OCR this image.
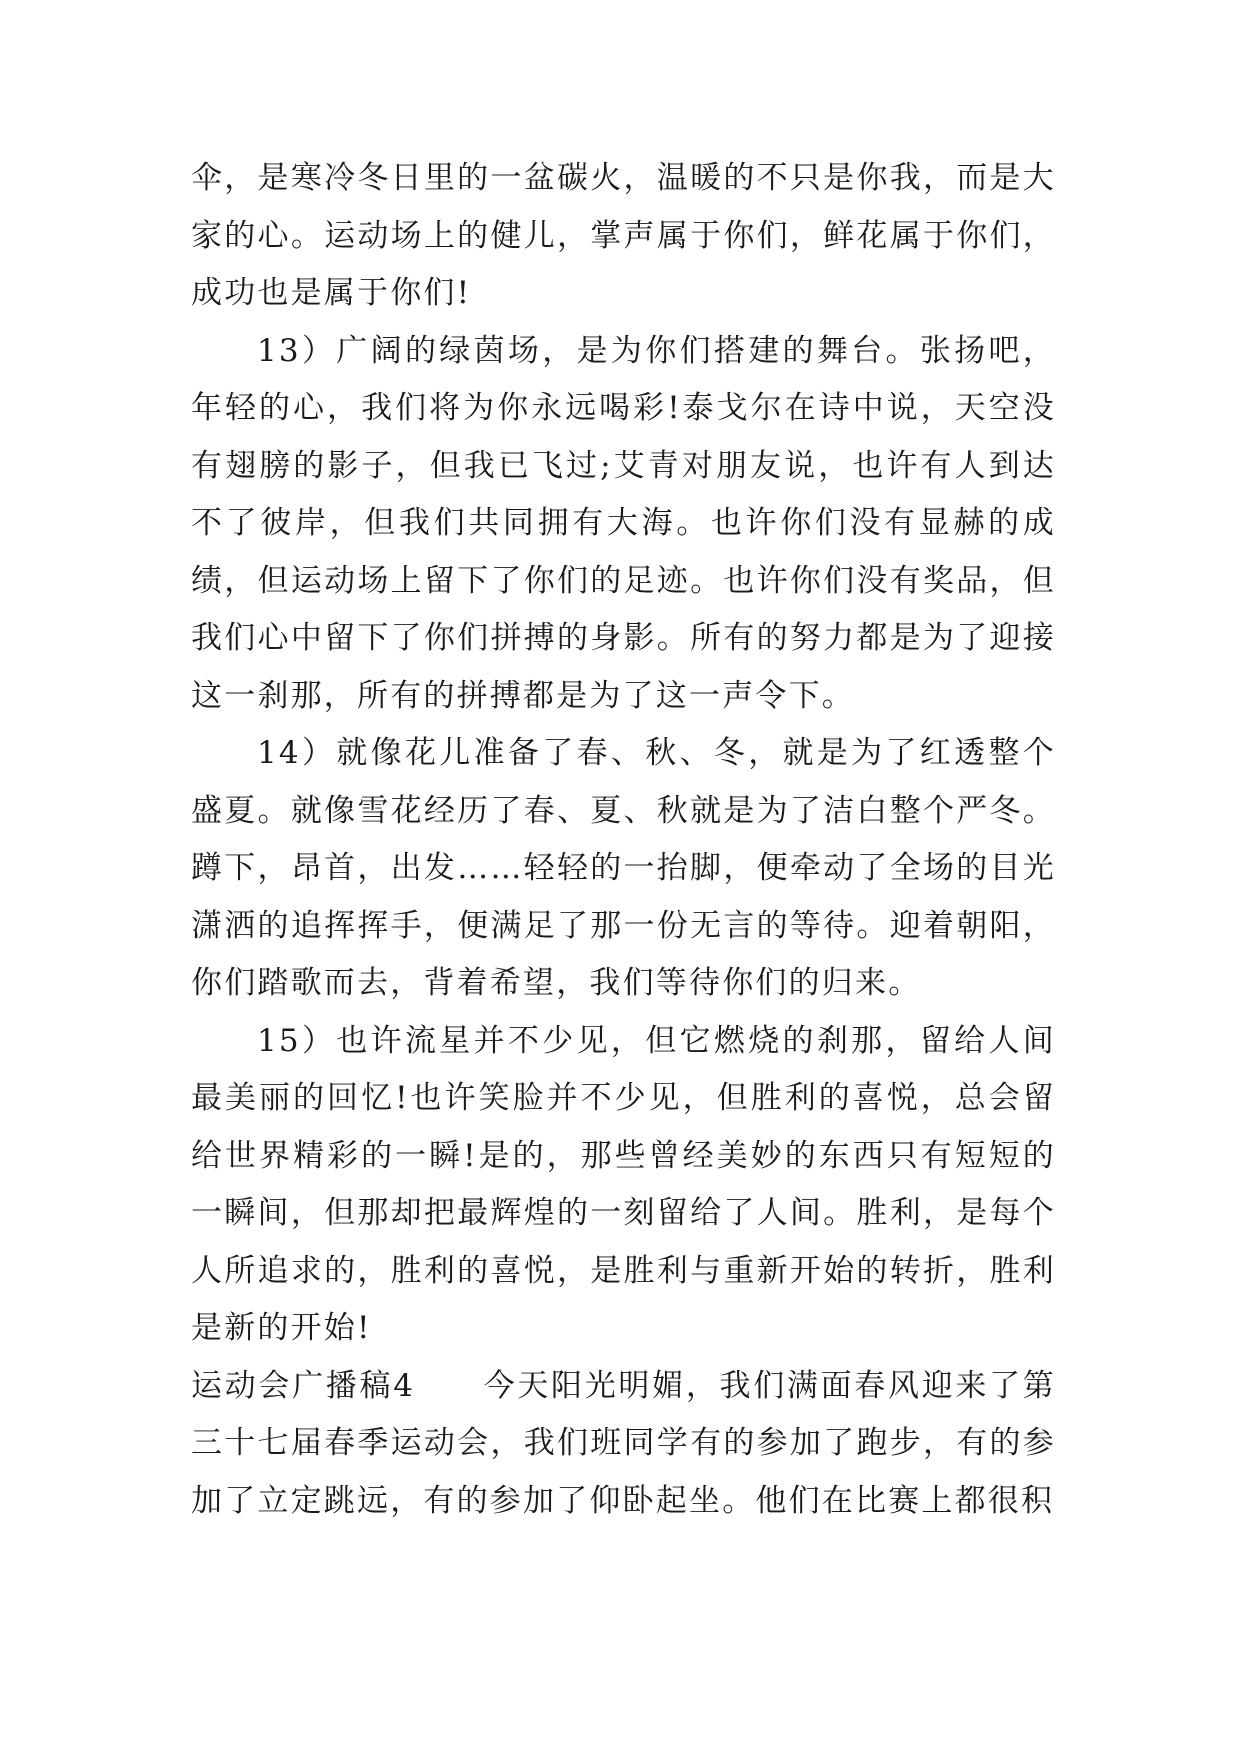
伞，是寒冷冬日里的一盆碳火，温暖的不只是你我，而是大家的心。运动场上的健儿，掌声属于你们，鲜花属于你们，成功也是属于你们!

13）广阔的绿茵场，是为你们搭建的舞台。张扬吧，年轻的心，我们将为你永远喝彩!泰戈尔在诗中说，天空没有翅膀的影子，但我已飞过;艾青对朋友说，也许有人到达不了彼岸，但我们共同拥有大海。也许你们没有显赫的成绩，但运动场上留下了你们的足迹。也许你们没有奖品，但我们心中留下了你们拼搏的身影。所有的努力都是为了迎接这一刹那，所有的拼搏都是为了这一声令下。

14）就像花儿准备了春、秋、冬，就是为了红透整个盛夏。就像雪花经历了春、夏、秋就是为了洁白整个严冬。蹲下，昂首，出发……轻轻的一抬脚，便牵动了全场的目光潇洒的追挥挥手，便满足了那一份无言的等待。迎着朝阳，你们踏歌而去，背着希望，我们等待你们的归来。

15）也许流星并不少见，但它燃烧的刹那，留给人间最美丽的回忆!也许笑脸并不少见，但胜利的喜悦，总会留给世界精彩的一瞬!是的，那些曾经美妙的东西只有短短的一瞬间，但那却把最辉煌的一刻留给了人间。胜利，是每个人所追求的，胜利的喜悦，是胜利与重新开始的转折，胜利是新的开始!

运动会广播稿4 今天阳光明媚，我们满面春风迎来了第三十七届春季运动会，我们班同学有的参加了跑步，有的参加了立定跳远，有的参加了仰卧起坐。他们在比赛上都很积
